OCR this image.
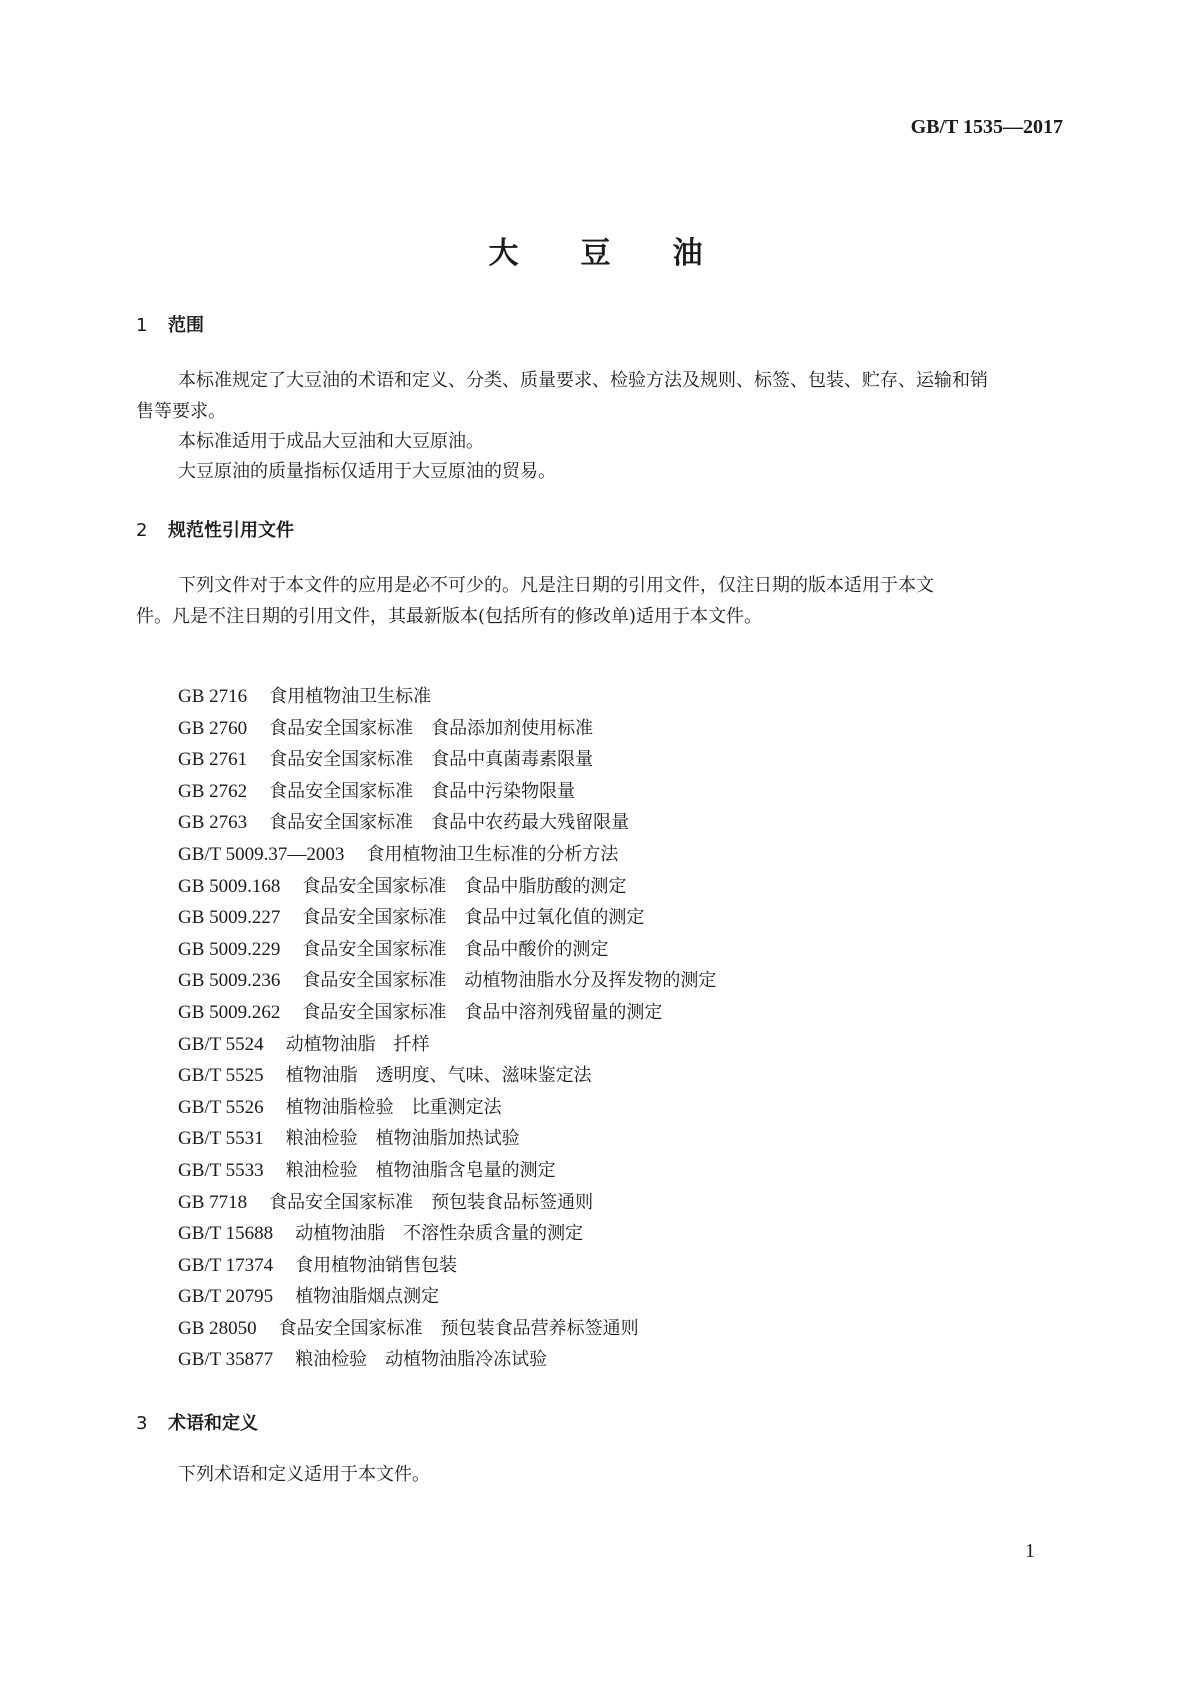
GB/T 1535—2017
大豆油
1 范围
本标准规定了大豆油的术语和定义、分类、质量要求、检验方法及规则、标签、包装、贮存、运输和销
售等要求。
本标准适用于成品大豆油和大豆原油。
大豆原油的质量指标仅适用于大豆原油的贸易。
2 规范性引用文件
下列文件对于本文件的应用是必不可少的。凡是注日期的引用文件，仅注日期的版本适用于本文
件。凡是不注日期的引用文件，其最新版本(包括所有的修改单)适用于本文件。
GB 2716 食用植物油卫生标准
GB 2760 食品安全国家标准　食品添加剂使用标准
GB 2761 食品安全国家标准　食品中真菌毒素限量
GB 2762 食品安全国家标准　食品中污染物限量
GB 2763 食品安全国家标准　食品中农药最大残留限量
GB/T 5009.37—2003 食用植物油卫生标准的分析方法
GB 5009.168 食品安全国家标准　食品中脂肪酸的测定
GB 5009.227 食品安全国家标准　食品中过氧化值的测定
GB 5009.229 食品安全国家标准　食品中酸价的测定
GB 5009.236 食品安全国家标准　动植物油脂水分及挥发物的测定
GB 5009.262 食品安全国家标准　食品中溶剂残留量的测定
GB/T 5524 动植物油脂　扦样
GB/T 5525 植物油脂　透明度、气味、滋味鉴定法
GB/T 5526 植物油脂检验　比重测定法
GB/T 5531 粮油检验　植物油脂加热试验
GB/T 5533 粮油检验　植物油脂含皂量的测定
GB 7718 食品安全国家标准　预包装食品标签通则
GB/T 15688 动植物油脂　不溶性杂质含量的测定
GB/T 17374 食用植物油销售包装
GB/T 20795 植物油脂烟点测定
GB 28050 食品安全国家标准　预包装食品营养标签通则
GB/T 35877 粮油检验　动植物油脂冷冻试验
3 术语和定义
下列术语和定义适用于本文件。
1
